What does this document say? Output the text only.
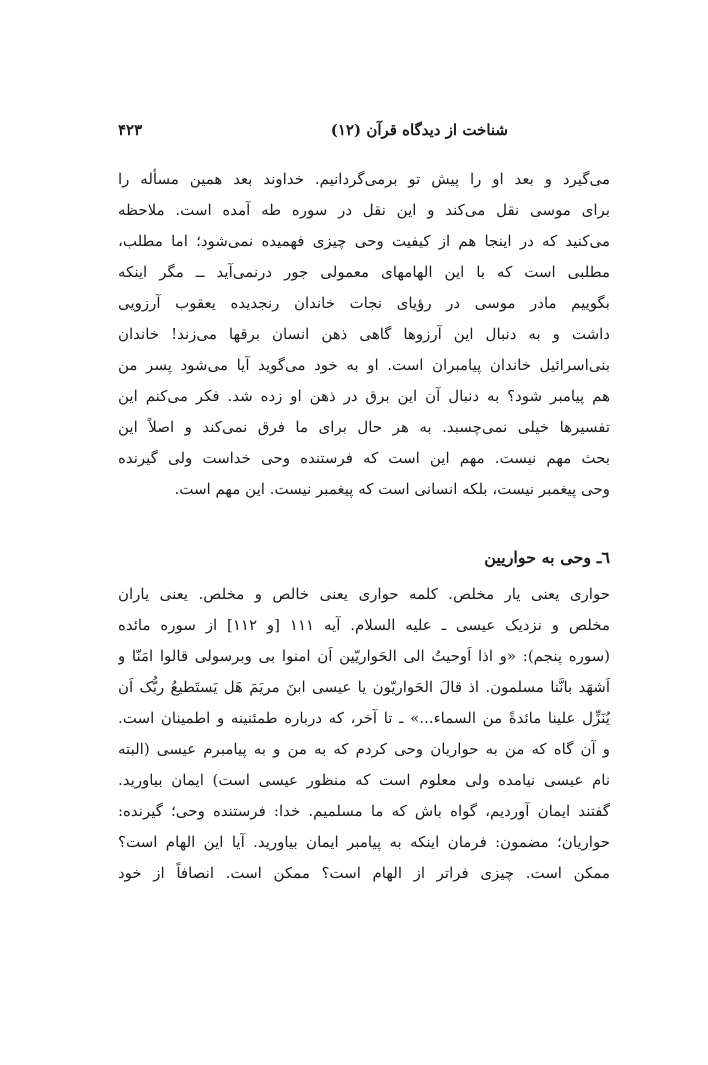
شناخت از دیدگاه قرآن (۱۲)
۴۲۳
می‌گیرد و بعد او را پیش تو برمی‌گردانیم. خداوند بعد همین مسأله را
برای موسی نقل می‌کند و این نقل در سوره طه آمده است. ملاحظه
می‌کنید که در اینجا هم از کیفیت وحی چیزی فهمیده نمی‌شود؛ اما مطلب،
مطلبی است که با این الهامهای معمولی جور درنمی‌آید ــ مگر اینکه
بگوییم مادر موسی در رؤیای نجات خاندان رنجدیده یعقوب آرزویی
داشت و به دنبال این آرزوها گاهی ذهن انسان برقها می‌زند! خاندان
بنی‌اسرائیل خاندان پیامبران است. او به خود می‌گوید آیا می‌شود پسر من
هم پیامبر شود؟ به دنبال آن این برق در ذهن او زده شد. فکر می‌کنم این
تفسیرها خیلی نمی‌چسبد. به هر حال برای ما فرق نمی‌کند و اصلاً این
بحث مهم نیست. مهم این است که فرستنده وحی خداست ولی گیرنده
وحی پیغمبر نیست، بلکه انسانی است که پیغمبر نیست. این مهم است.
٦ـ وحی به حواریین
حواری یعنی یار مخلص. کلمه حواری یعنی خالص و مخلص. یعنی یاران
مخلص و نزدیک عیسی ـ علیه السلام. آیه ۱۱۱ [و ۱۱۲] از سوره مائده
(سوره پنجم): «و اذا اَوحیتُ الی الحَواریّین اَن امنوا بی وبرسولی قالوا امَنّا و
اَشهَد بانَّنا مسلمون. اذ قالَ الحَواریّون یا عیسی ابنَ مریَمَ هَل یَستَطیعُ ربُّک اَن
یُنَزِّل علینا مائدةً من السماء...» ـ تا آخر، که درباره طمئنینه و اطمینان است.
و آن گاه که من به حواریان وحی کردم که به من و به پیامبرم عیسی (البته
نام عیسی نیامده ولی معلوم است که منظور عیسی است) ایمان بیاورید.
گفتند ایمان آوردیم، گواه باش که ما مسلمیم. خدا: فرستنده وحی؛ گیرنده:
حواریان؛ مضمون: فرمان اینکه به پیامبر ایمان بیاورید. آیا این الهام است؟
ممکن است. چیزی فراتر از الهام است؟ ممکن است. انصافاً از خود
